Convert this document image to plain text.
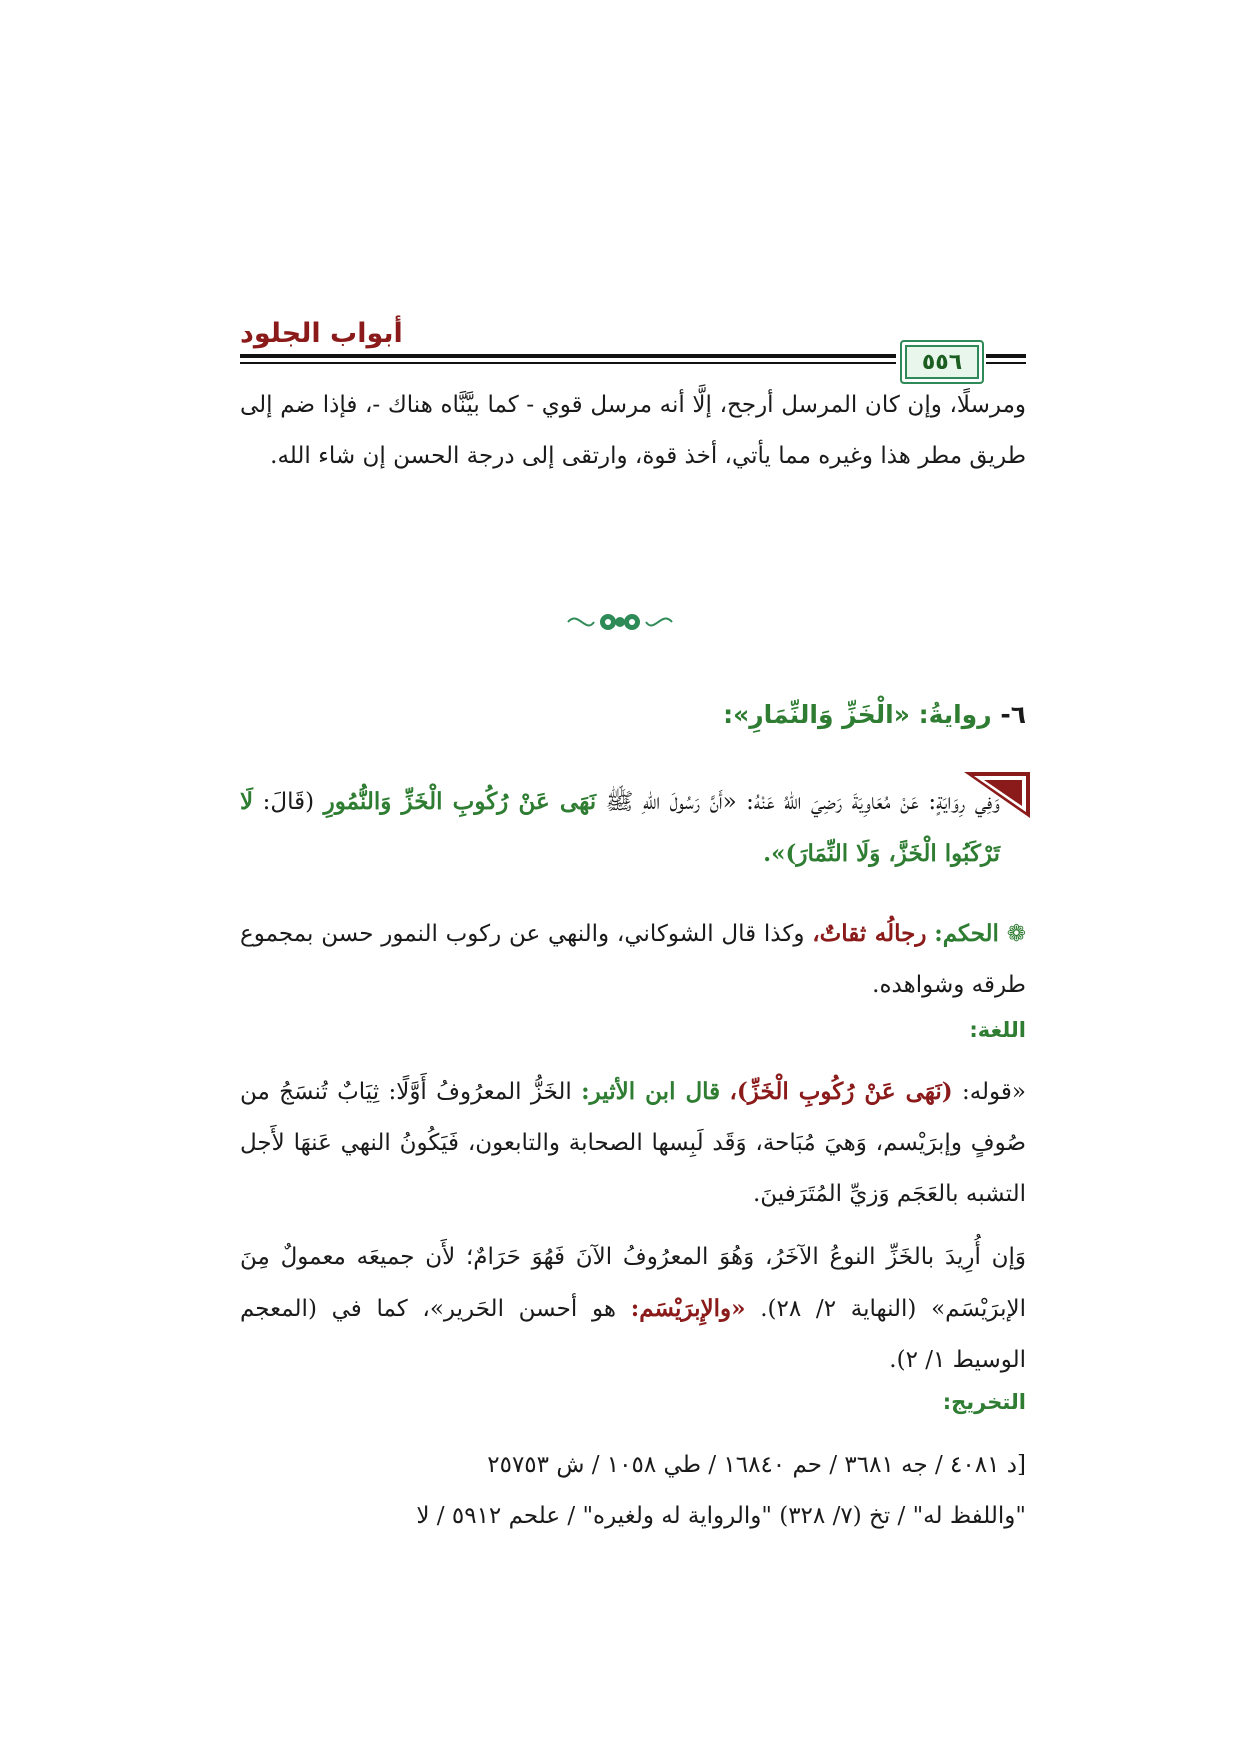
أبواب الجلود
٥٥٦
ومرسلًا، وإن كان المرسل أرجح، إلَّا أنه مرسل قوي - كما بيَّنَّاه هناك -، فإذا ضم إلى طريق مطر هذا وغيره مما يأتي، أخذ قوة، وارتقى إلى درجة الحسن إن شاء الله.
٦- روايةُ: «الْخَزِّ وَالنِّمَارِ»:
وَفِي رِوَايَةٍ: عَنْ مُعَاوِيَةَ رَضِيَ اللهُ عَنْهُ: «أَنَّ رَسُولَ اللهِ ﷺ نَهَى عَنْ رُكُوبِ الْخَزِّ وَالنُّمُورِ (قَالَ: لَا تَرْكَبُوا الْخَزَّ، وَلَا النِّمَارَ)».
❁ الحكم: رجالُه ثقاتٌ، وكذا قال الشوكاني، والنهي عن ركوب النمور حسن بمجموع طرقه وشواهده.
اللغة:
«قوله: (نَهَى عَنْ رُكُوبِ الْخَزِّ)، قال ابن الأثير: الخَزُّ المعرُوفُ أَوَّلًا: ثِيَابٌ تُنسَجُ من صُوفٍ وإبرَيْسم، وَهيَ مُبَاحة، وَقَد لَبِسها الصحابة والتابعون، فَيَكُونُ النهي عَنهَا لأَجل التشبه بالعَجَم وَزيِّ المُتَرَفينَ.
وَإن أُرِيدَ بالخَزِّ النوعُ الآخَرُ، وَهُوَ المعرُوفُ الآنَ فَهُوَ حَرَامٌ؛ لأَن جميعَه معمولٌ مِنَ الإبرَيْسَم» (النهاية ٢/ ٢٨). «والإِبرَيْسَم: هو أحسن الحَرير»، كما في (المعجم الوسيط ١/ ٢).
التخريج:
[د ٤٠٨١ / جه ٣٦٨١ / حم ١٦٨٤٠ / طي ١٠٥٨ / ش ٢٥٧٥٣
"واللفظ له" / تخ (٧/ ٣٢٨) "والرواية له ولغيره" / علحم ٥٩١٢ / لا
